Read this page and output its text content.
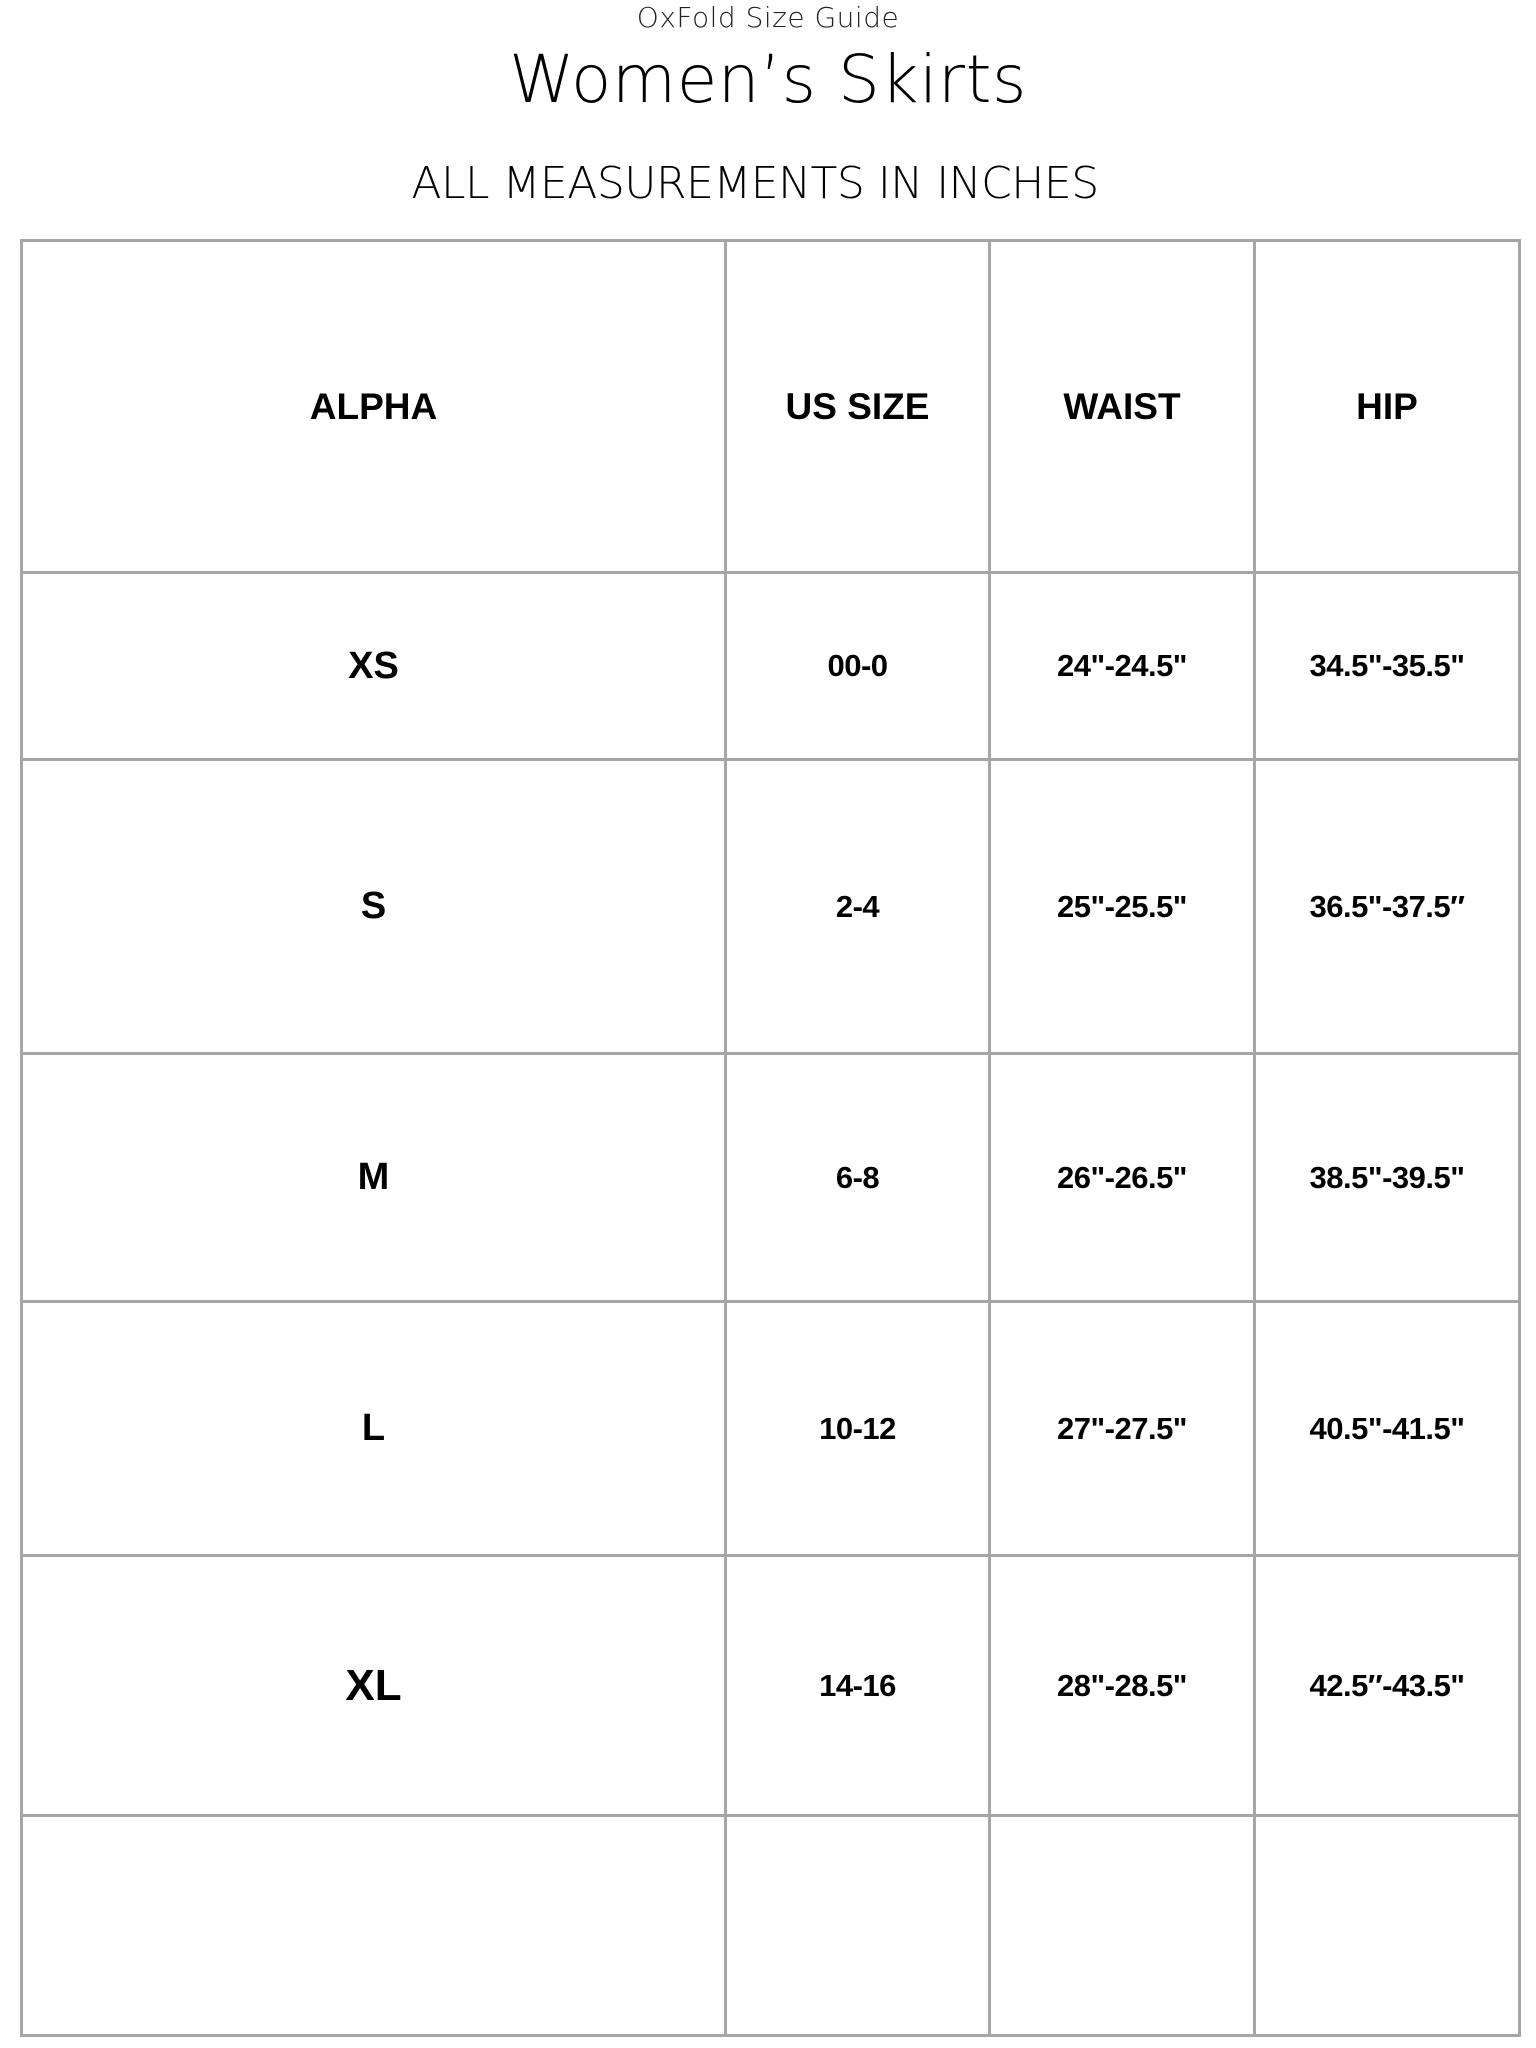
OxFold Size Guide
Women’s Skirts
ALL MEASUREMENTS IN INCHES
ALPHA	US SIZE	WAIST	HIP
XS	00-0	24"-24.5"	34.5"-35.5"
S	2-4	25"-25.5"	36.5"-37.5″
M	6-8	26"-26.5"	38.5"-39.5"
L	10-12	27"-27.5"	40.5"-41.5"
XL	14-16	28"-28.5"	42.5″-43.5"
